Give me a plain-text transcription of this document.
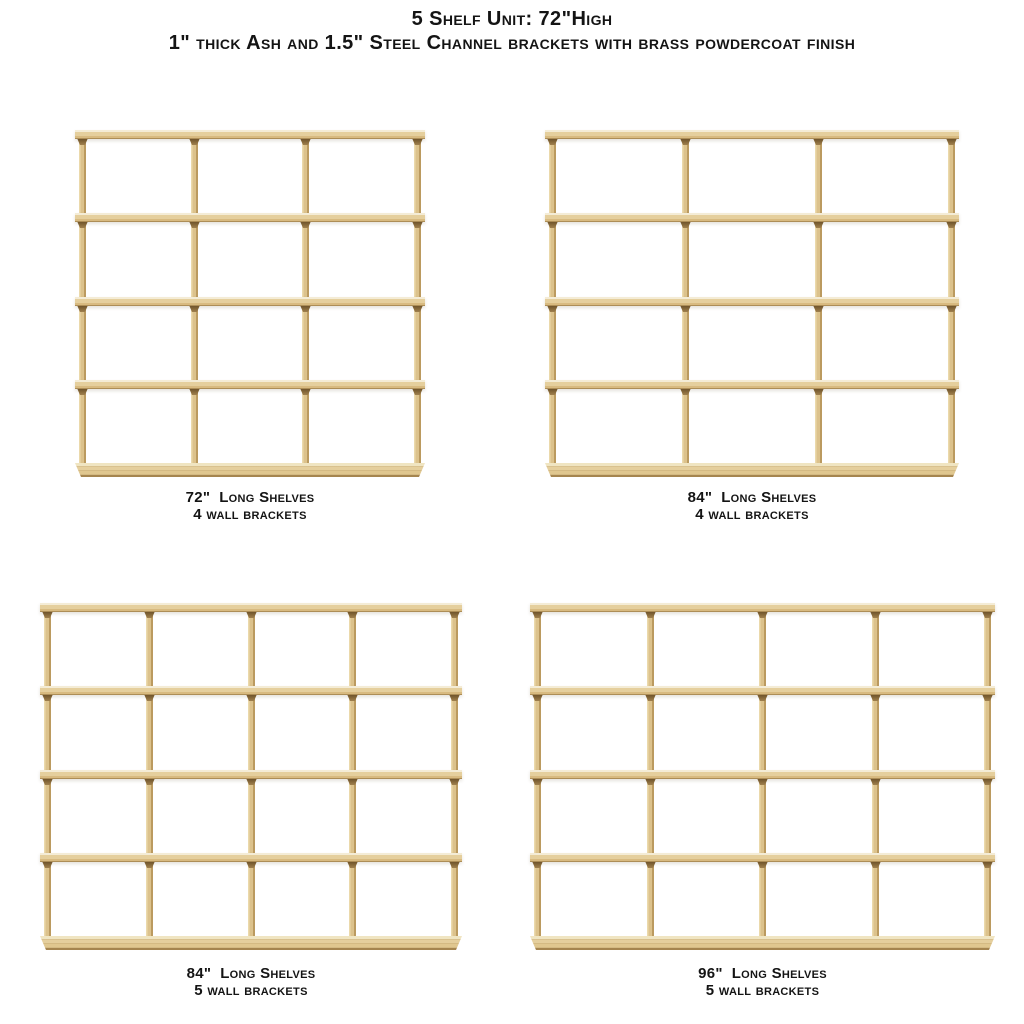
5 Shelf Unit: 72"High
1" thick Ash and 1.5" Steel Channel brackets with brass powdercoat finish
72"  Long Shelves
4 wall brackets
84"  Long Shelves
4 wall brackets
84"  Long Shelves
5 wall brackets
96"  Long Shelves
5 wall brackets
